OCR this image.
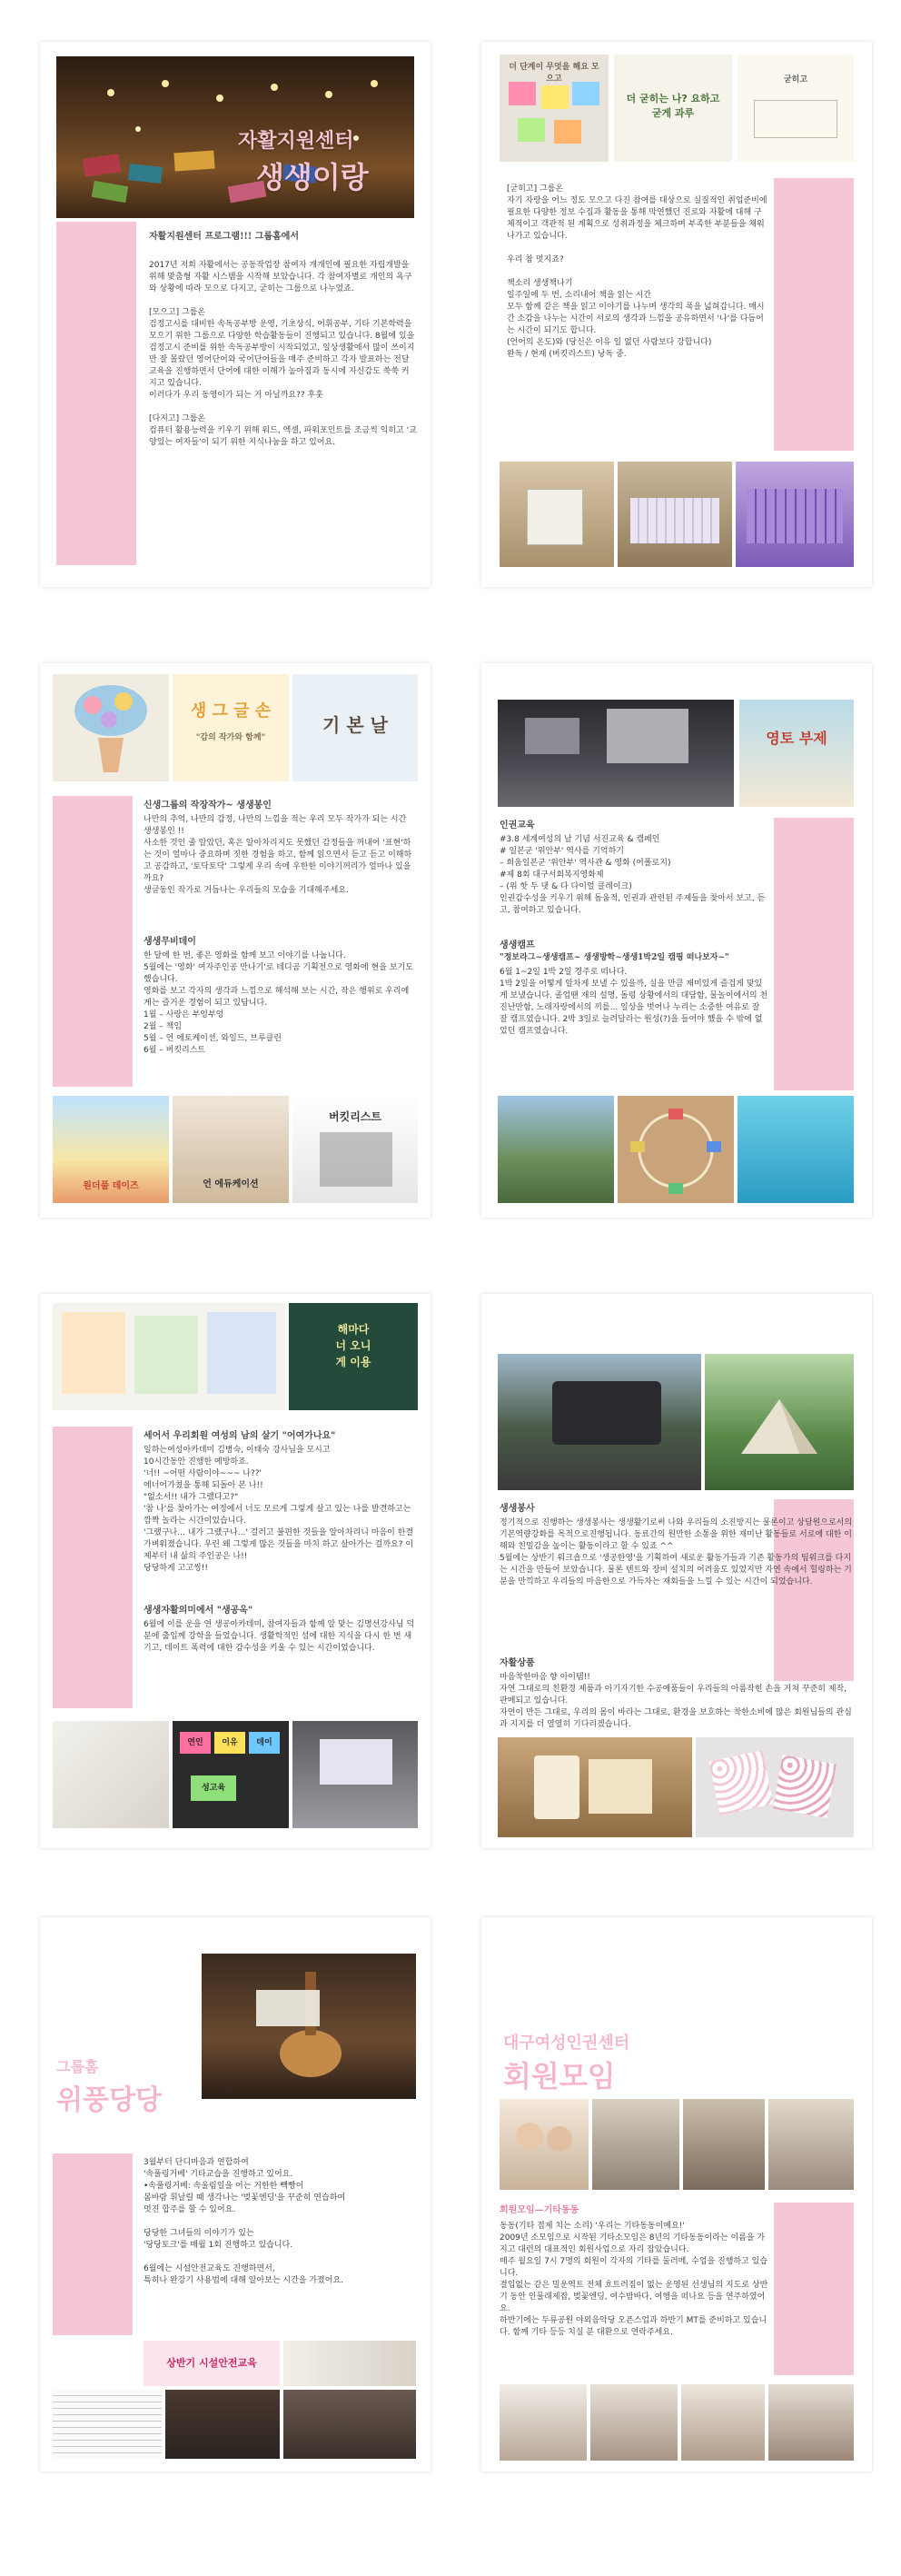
자활지원센터
생생이랑
자활지원센터 프로그램!!! 그룹홈에서
2017년 저희 자활에서는 공동작업장 참여자 개개인에 필요한 자립개발을 위해 맞춤형 자활 시스템을 시작해 보았습니다. 각 참여자별로 개인의 욕구와 상황에 따라 모으로 다지고, 굳히는 그룹으로 나누었죠.

[모으고] 그룹온
검정고시를 대비한 속독공부방 운영, 기초상식, 어휘공부, 기타 기본학력을 모으기 위한 그룹으로 다양한 학습활동들이 진행되고 있습니다. 8월에 있을 검정고시 준비를 위한 속독공부방이 시작되었고, 일상생활에서 많이 쓰이지만 잘 몰랐던 영어단어와 국어단어들을 매주 준비하고 각자 발표하는 전달 교육을 진행하면서 단어에 대한 이해가 높아짐과 동시에 자신감도 쑥쑥 커지고 있습니다.
이러다가 우리 동영이가 되는 거 아닐까요?? 후훗

[다지고] 그룹온
컴퓨터 활용능력을 키우기 위해 워드, 엑셀, 파워포인트를 조금씩 익히고 '교양있는 여자들'이 되기 위한 지식나눔을 하고 있어요.
더 단계이 무엇을 해요 모으고
더 굳히는 나? 요하고 굳게 과루
굳히고
[굳히고] 그룹온
자기 자랑을 어느 정도 모으고 다진 참여를 대상으로 실질적인 취업준비에 필요한 다양한 정보 수집과 활동을 통해 막연했던 진로와 자활에 대해 구체적이고 객관적 된 계획으로 성취과정을 체크하며 부족한 부분들을 채워나가고 있습니다.

우리 참 멋지죠?

책소리 생생책나기
일주일에 두 번, 소리내어 책을 읽는 시간
모두 함께 같은 책을 읽고 이야기를 나누며 생각의 폭을 넓혀갑니다. 매시간 소감을 나누는 시간이 서로의 생각과 느낌을 공유하면서 '나'를 다듬어는 시간이 되기도 합니다.
(언어의 온도)와 (당신은 이유 일 없던 사람보다 강합니다)
완독 / 현재 (버킷리스트) 낭독 중.
생 그 글 손
"감의 작가와 함께"
기 본 날
신생그룹의 작장작가~ 생생봉인
나만의 추억, 나만의 감정, 나만의 느낌을 적는 우리 모두 작가가 되는 시간 생생봉인 !!
사소한 것인 줄 알았던, 혹은 알아차리지도 못했던 감정들을 꺼내어 '표현'하는 것이 얼마나 중요하며 짓한 경험을 하고, 함께 읽으면서 듣고 듣고 이해하고 공감하고, '토닥토닥' 그렇게 우리 속에 우한한 이야기꺼리가 얼마나 있을까요?
생글동인 작가로 거듭나는 우리들의 모습을 기대해주세요.
생생무비데이
한 달에 한 번, 좋은 영화를 함께 보고 이야기를 나눕니다.
5월에는 '영화' 여자주인공 만나기'로 테디곰 기획전으로 영화에 현을 보기도 했습니다.
영화를 보고 각자의 생각과 느낌으로 해석해 보는 시간, 작은 행위로 우리에게는 즐거운 경험이 되고 있답니다.
1월 – 사랑은 부엉부엉
2월 – 책임
5월 – 언 에토케이션, 와일드, 브루클린
6월 – 버킷리스트
원더풀 데이즈	언 에듀케이션
버킷리스트
영토 부제
인권교육
#3.8 세계여성의 날 기념 서진교육 & 캠페인
# 일본군 '위안부' 역사를 기억하기
– 희움일본군 '위안부' 역사관 & 영화 (어폴로지)
#제 8회 대구서회복지영화제
– (위 핫 두 댓 & 다 다이얼 클레이크)
인권감수성을 키우기 위해 돕움적, 인권과 관련된 주제들을 찾아서 보고, 듣고, 참여하고 있습니다.
생생캠프
"정보라그~생생캠프~ 생생방학~생생1박2일 캠핑 떠나보자~"
6월 1~2일 1박 2일 경주로 떠나다.
1박 2일을 어떻게 알차게 보낼 수 있을까, 실을 만큼 재미있게 즐겁게 맞있게 보냈습니다. 졸업땐 재의 설명, 돌렁 상황에서의 대담함, 물놀이에서의 천진난만함, 노래자랑에서의 끼를... 일상을 벗어나 누리는 소중한 여유로 잘 잘 캠프였습니다. 2박 3일로 늘려달라는 원성(?)을 들어야 했을 수 밖에 없었던 캠프였습니다.
해마다
너 오니
게 이용
세어서 우리회원 여성의 남의 살기 "어여가나요"
일하는여성아카데미 김병숙, 이태숙 강사님을 모시고
10시간동안 진행한 예방하죠.
'너!! ~어떤 사람이야~~~ 나??'
에너어가쳤을 통해 되돌아 본 나!!
"없소서!! 내가 그랬다고?"
'참 나'를 찾아가는 여정에서 너도 모르게 그렇게 살고 있는 나를 발견하고는 깜짝 놀라는 시간이었습니다.
'그랬구나... 내가 그랬구나...' 걸러고 불편한 것들을 알아차리니 마음이 한결 가벼워졌습니다. 우린 왜 그렇게 많은 것들을 마치 하고 살아가는 걸까요? 이제부터 내 삶의 주인공은 나!!
당당하게 고고씽!!
생생자활의미에서 "생공옥"
6월에 이를 운을 연 생공아카데미, 참여자들과 함께 알 맞는 김명선강사님 덕분에 출입께 강학을 들었습니다. 생활학적인 섬에 대한 지식을 다시 한 번 새기고, 데이트 폭력에 대한 감수성을 키울 수 있는 시간이었습니다.
연인	이유	데이
성고육
생생봉사
정기적으로 진행하는 생생봉사는 생생활기로써 나와 우리들의 소진방지는 물론이고 상담원으로서의 기본역량강화를 목적으로진행됩니다. 동료간의 원만한 소통을 위한 재미난 활동들로 서로에 대한 이해와 친밀감을 높이는 활동이라고 할 수 있죠 ^^
5월에는 상반기 워크숍으로 '생공한영'을 기획하여 새로운 활동가들과 기존 활동가의 팀워크를 다지는 시간을 만들어 보았습니다. 물론 텐트와 장비 설치의 어려움도 있었지만 자연 속에서 힐링하는 기분을 만끽하고 우리들의 마음한으로 가득차는 재회들을 느낄 수 있는 시간이 되었습니다.
자활상품
마음착한마음 향 아이템!!
자연 그대로의 친환경 제품과 아기자기한 수공예품들이 우리들의 아름작힌 손을 거쳐 꾸준히 제작, 판매되고 있습니다.
자연이 만든 그대로, 우리의 몸이 바라는 그대로, 환경을 보호하는 착한소비에 많은 회원님들의 관심과 지지를 더 열열히 기다리겠습니다.
그룹홈
위풍당당
3월부터 단디마음과 연합하여
'속풀링거베' 기타교습을 진행하고 있어요.
•속풀링거베: 속울림일을 어는 거한한 빽빵이
봄바람 휘날릴 때 생각나는 '벚꽃엔딩'을 꾸준히 연습하여
멋진 합주를 할 수 있어요.

당당한 그녀들의 이야기가 있는
'당당토크'를 매월 1회 진행하고 있습니다.

6월에는 시설안전교육도 진행하면서,
특히나 완강기 사용법에 대해 알아보는 시간을 가졌어요.
상반기 시설안전교육
대구여성인권센터
회원모임
회원모임—기타동동
동동(기타 접제 치는 소리) '우리는 기타동동이예요!'
2009년 소모임으로 시작된 기타소모임은 8년의 기타동동이라는 이름을 가지고 대런의 대표적인 회원사업으로 자리 잡았습니다.
매주 월요일 7시 7명의 회원이 각자의 기타를 둘러메, 수업을 진행하고 있습니다.
결입없는 같은 밀운역트 전체 흐트러짐이 없는 운영된 선생님의 지도로 상반기 동안 인물래제잡, 벚꽃엔딩, 여수밤바다, 여행을 떠나요 등을 연주하였어요.
하반기에는 두류공원 야외음악당 오픈스업과 하반기 MT를 준비하고 있습니다. 함께 기타 등등 치실 분 대환으로 연락주세요.
